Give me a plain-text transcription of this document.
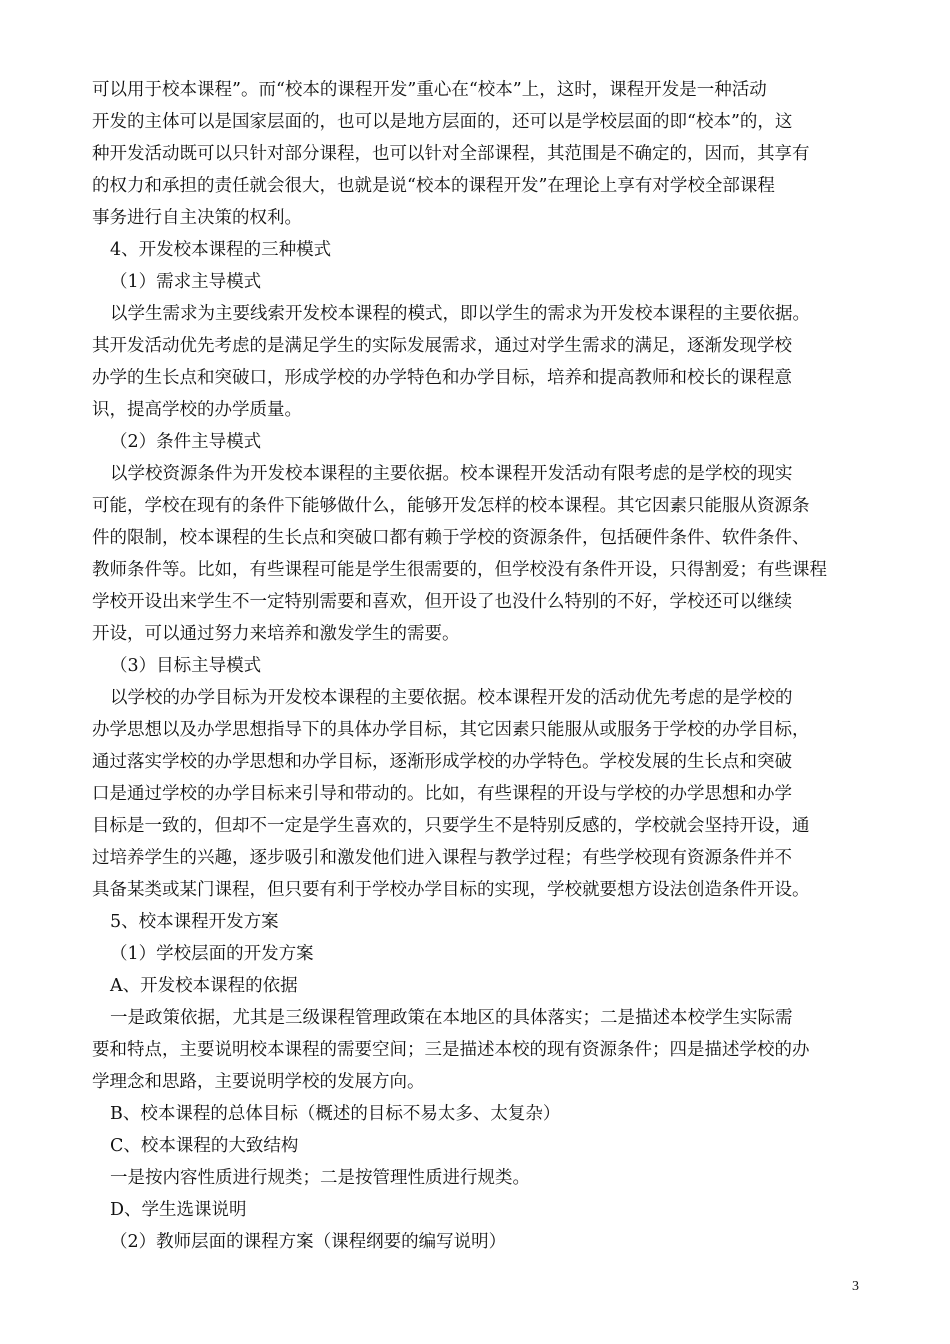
可以用于校本课程”。而“校本的课程开发”重心在“校本”上，这时，课程开发是一种活动
开发的主体可以是国家层面的，也可以是地方层面的，还可以是学校层面的即“校本”的，这
种开发活动既可以只针对部分课程，也可以针对全部课程，其范围是不确定的，因而，其享有
的权力和承担的责任就会很大，也就是说“校本的课程开发”在理论上享有对学校全部课程
事务进行自主决策的权利。
4、开发校本课程的三种模式
（1）需求主导模式
以学生需求为主要线索开发校本课程的模式，即以学生的需求为开发校本课程的主要依据。
其开发活动优先考虑的是满足学生的实际发展需求，通过对学生需求的满足，逐渐发现学校
办学的生长点和突破口，形成学校的办学特色和办学目标，培养和提高教师和校长的课程意
识，提高学校的办学质量。
（2）条件主导模式
以学校资源条件为开发校本课程的主要依据。校本课程开发活动有限考虑的是学校的现实
可能，学校在现有的条件下能够做什么，能够开发怎样的校本课程。其它因素只能服从资源条
件的限制，校本课程的生长点和突破口都有赖于学校的资源条件，包括硬件条件、软件条件、
教师条件等。比如，有些课程可能是学生很需要的，但学校没有条件开设，只得割爱；有些课程
学校开设出来学生不一定特别需要和喜欢，但开设了也没什么特别的不好，学校还可以继续
开设，可以通过努力来培养和激发学生的需要。
（3）目标主导模式
以学校的办学目标为开发校本课程的主要依据。校本课程开发的活动优先考虑的是学校的
办学思想以及办学思想指导下的具体办学目标，其它因素只能服从或服务于学校的办学目标，
通过落实学校的办学思想和办学目标，逐渐形成学校的办学特色。学校发展的生长点和突破
口是通过学校的办学目标来引导和带动的。比如，有些课程的开设与学校的办学思想和办学
目标是一致的，但却不一定是学生喜欢的，只要学生不是特别反感的，学校就会坚持开设，通
过培养学生的兴趣，逐步吸引和激发他们进入课程与教学过程；有些学校现有资源条件并不
具备某类或某门课程，但只要有利于学校办学目标的实现，学校就要想方设法创造条件开设。
5、校本课程开发方案
（1）学校层面的开发方案
A、开发校本课程的依据
一是政策依据，尤其是三级课程管理政策在本地区的具体落实；二是描述本校学生实际需
要和特点，主要说明校本课程的需要空间；三是描述本校的现有资源条件；四是描述学校的办
学理念和思路，主要说明学校的发展方向。
B、校本课程的总体目标（概述的目标不易太多、太复杂）
C、校本课程的大致结构
一是按内容性质进行规类；二是按管理性质进行规类。
D、学生选课说明
（2）教师层面的课程方案（课程纲要的编写说明）
3
